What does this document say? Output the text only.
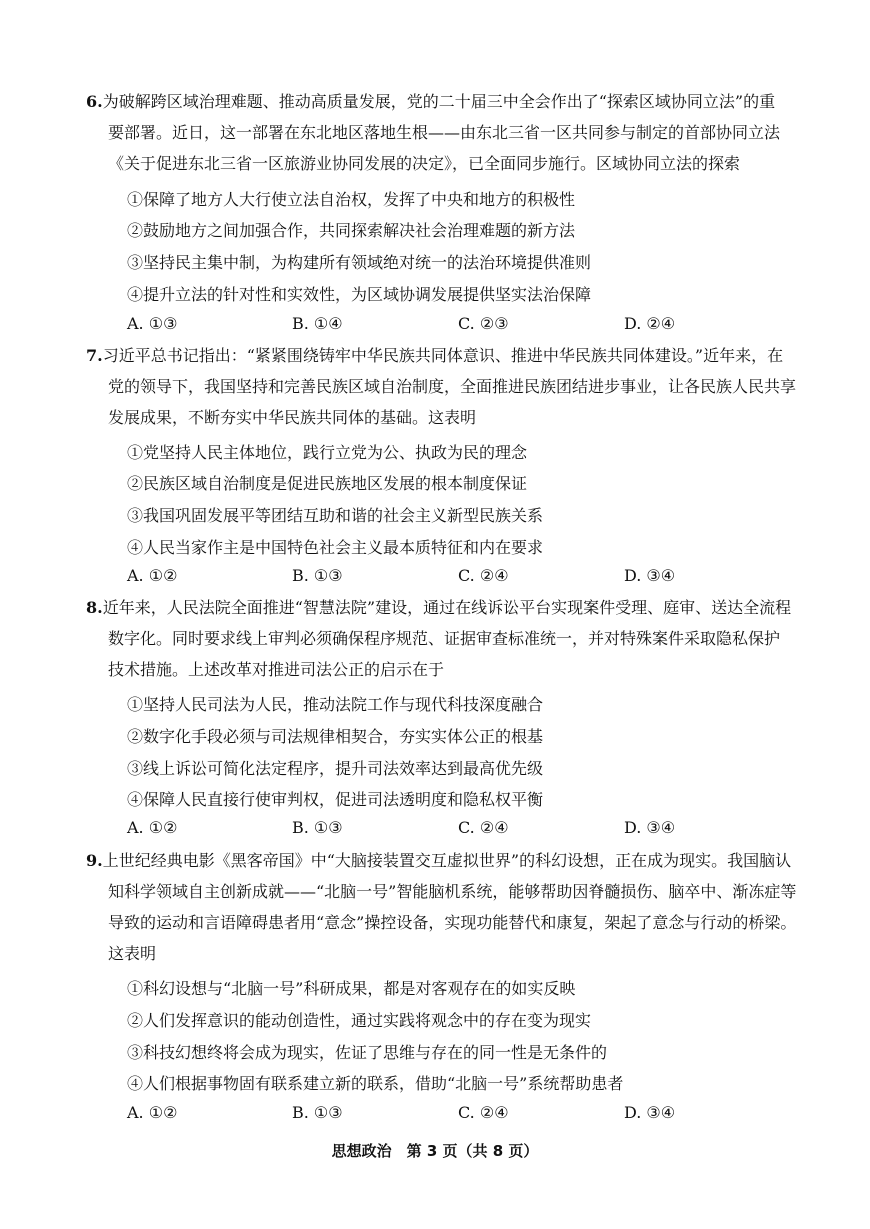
6.为破解跨区域治理难题、推动高质量发展，党的二十届三中全会作出了“探索区域协同立法”的重
要部署。近日，这一部署在东北地区落地生根——由东北三省一区共同参与制定的首部协同立法
《关于促进东北三省一区旅游业协同发展的决定》，已全面同步施行。区域协同立法的探索
①保障了地方人大行使立法自治权，发挥了中央和地方的积极性
②鼓励地方之间加强合作，共同探索解决社会治理难题的新方法
③坚持民主集中制，为构建所有领域绝对统一的法治环境提供准则
④提升立法的针对性和实效性，为区域协调发展提供坚实法治保障
A. ①③	B. ①④	C. ②③	D. ②④
7.习近平总书记指出：“紧紧围绕铸牢中华民族共同体意识、推进中华民族共同体建设。”近年来，在
党的领导下，我国坚持和完善民族区域自治制度，全面推进民族团结进步事业，让各民族人民共享
发展成果，不断夯实中华民族共同体的基础。这表明
①党坚持人民主体地位，践行立党为公、执政为民的理念
②民族区域自治制度是促进民族地区发展的根本制度保证
③我国巩固发展平等团结互助和谐的社会主义新型民族关系
④人民当家作主是中国特色社会主义最本质特征和内在要求
A. ①②	B. ①③	C. ②④	D. ③④
8.近年来，人民法院全面推进“智慧法院”建设，通过在线诉讼平台实现案件受理、庭审、送达全流程
数字化。同时要求线上审判必须确保程序规范、证据审查标准统一，并对特殊案件采取隐私保护
技术措施。上述改革对推进司法公正的启示在于
①坚持人民司法为人民，推动法院工作与现代科技深度融合
②数字化手段必须与司法规律相契合，夯实实体公正的根基
③线上诉讼可简化法定程序，提升司法效率达到最高优先级
④保障人民直接行使审判权，促进司法透明度和隐私权平衡
A. ①②	B. ①③	C. ②④	D. ③④
9.上世纪经典电影《黑客帝国》中“大脑接装置交互虚拟世界”的科幻设想，正在成为现实。我国脑认
知科学领域自主创新成就——“北脑一号”智能脑机系统，能够帮助因脊髓损伤、脑卒中、渐冻症等
导致的运动和言语障碍患者用“意念”操控设备，实现功能替代和康复，架起了意念与行动的桥梁。
这表明
①科幻设想与“北脑一号”科研成果，都是对客观存在的如实反映
②人们发挥意识的能动创造性，通过实践将观念中的存在变为现实
③科技幻想终将会成为现实，佐证了思维与存在的同一性是无条件的
④人们根据事物固有联系建立新的联系，借助“北脑一号”系统帮助患者
A. ①②	B. ①③	C. ②④	D. ③④
思想政治　第 3 页（共 8 页）
